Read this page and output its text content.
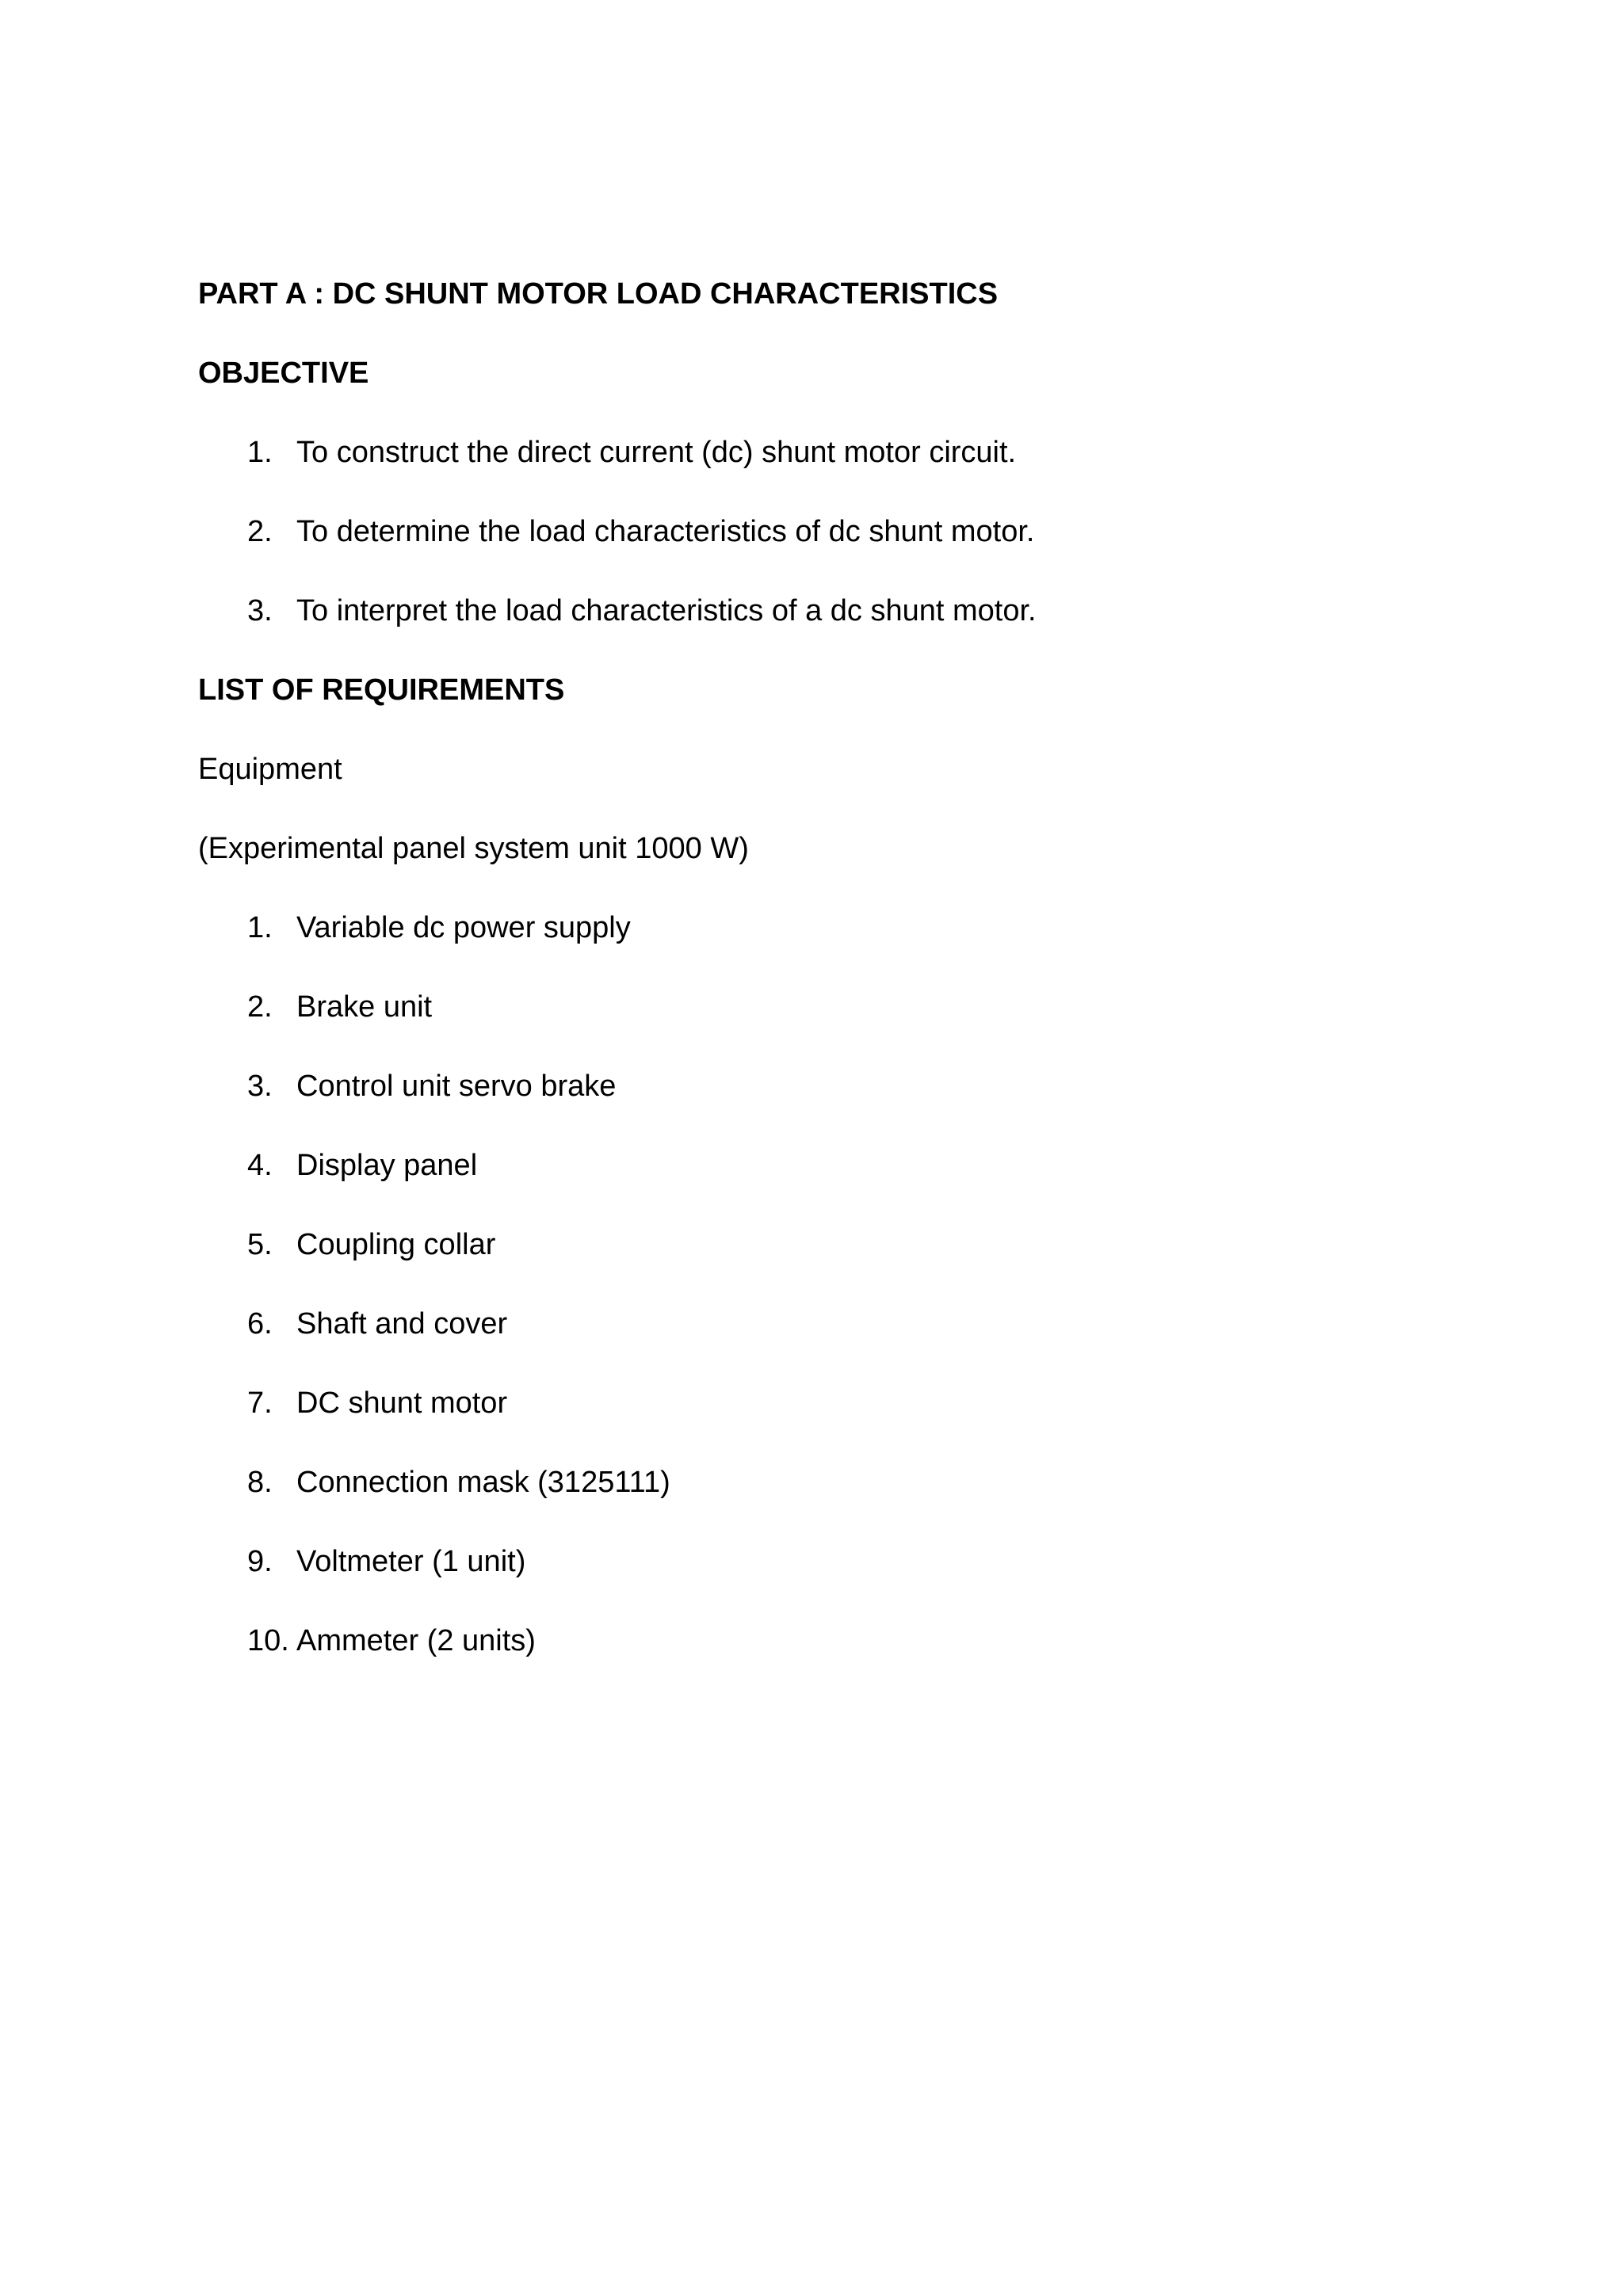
PART A : DC SHUNT MOTOR LOAD CHARACTERISTICS
OBJECTIVE
1. To construct the direct current (dc) shunt motor circuit.
2. To determine the load characteristics of dc shunt motor.
3. To interpret the load characteristics of a dc shunt motor.
LIST OF REQUIREMENTS
Equipment
(Experimental panel system unit 1000 W)
1. Variable dc power supply
2. Brake unit
3. Control unit servo brake
4. Display panel
5. Coupling collar
6. Shaft and cover
7. DC shunt motor
8. Connection mask (3125111)
9. Voltmeter (1 unit)
10. Ammeter (2 units)
